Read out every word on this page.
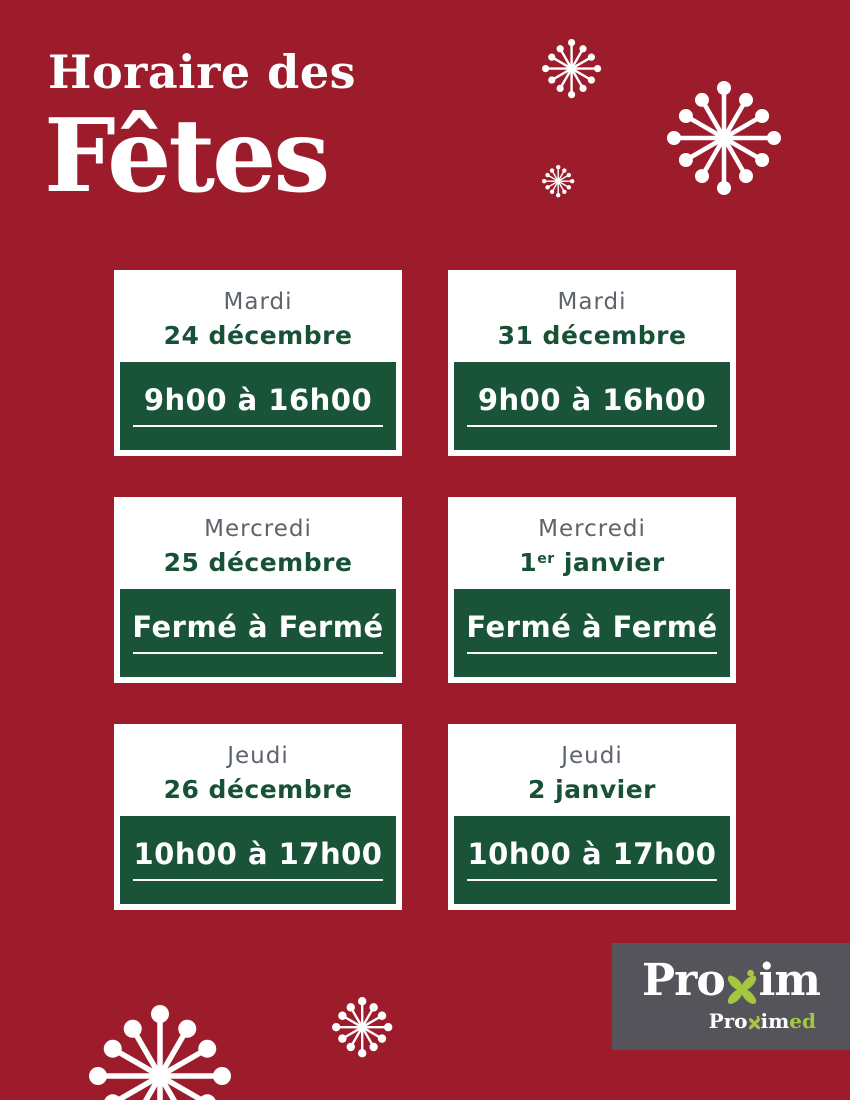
Horaire des
Fêtes
Mardi
24 décembre
9h00 à 16h00
Mardi
31 décembre
9h00 à 16h00
Mercredi
25 décembre
Fermé à Fermé
Mercredi
1er janvier
Fermé à Fermé
Jeudi
26 décembre
10h00 à 17h00
Jeudi
2 janvier
10h00 à 17h00
Pro im
Pro im ed
